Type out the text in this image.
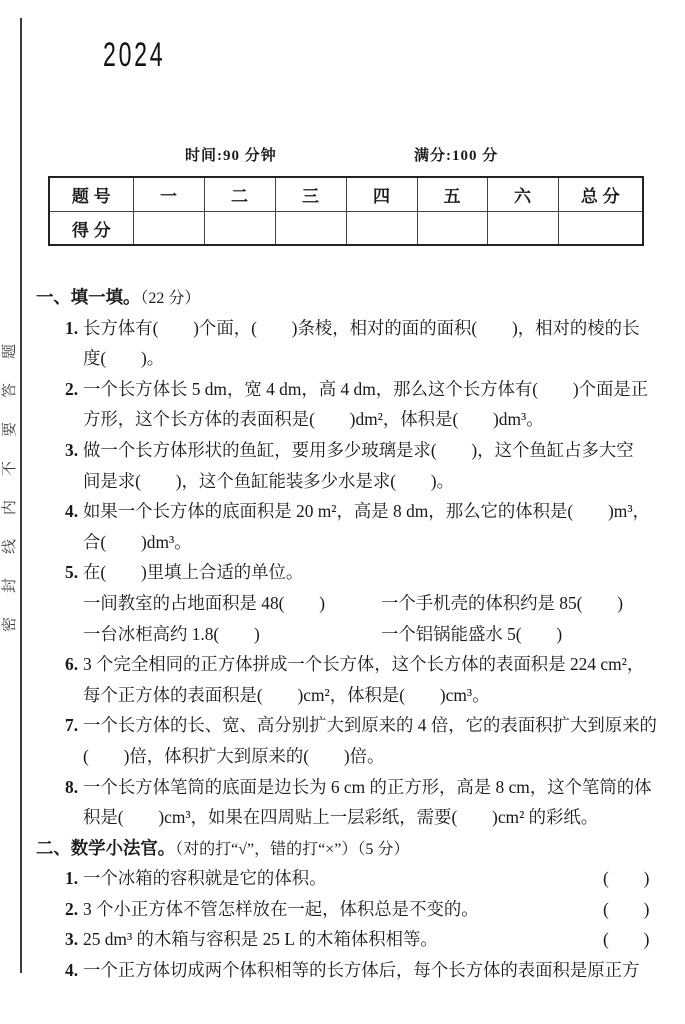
密封线内不要答题
2024
时间:90 分钟	满分:100 分
题 号	一	二	三	四	五	六	总 分
得 分							
一、填一填。（22 分）
1. 长方体有(        )个面，(        )条棱，相对的面的面积(        )，相对的棱的长
度(        )。
2. 一个长方体长 5 dm，宽 4 dm，高 4 dm，那么这个长方体有(        )个面是正
方形，这个长方体的表面积是(        )dm²，体积是(        )dm³。
3. 做一个长方体形状的鱼缸，要用多少玻璃是求(        )，这个鱼缸占多大空
间是求(        )，这个鱼缸能装多少水是求(        )。
4. 如果一个长方体的底面积是 20 m²，高是 8 dm，那么它的体积是(        )m³，
合(        )dm³。
5. 在(        )里填上合适的单位。
一间教室的占地面积是 48(        )	一个手机壳的体积约是 85(        )
一台冰柜高约 1.8(        )	一个铝锅能盛水 5(        )
6. 3 个完全相同的正方体拼成一个长方体，这个长方体的表面积是 224 cm²，
每个正方体的表面积是(        )cm²，体积是(        )cm³。
7. 一个长方体的长、宽、高分别扩大到原来的 4 倍，它的表面积扩大到原来的
(        )倍，体积扩大到原来的(        )倍。
8. 一个长方体笔筒的底面是边长为 6 cm 的正方形，高是 8 cm，这个笔筒的体
积是(        )cm³，如果在四周贴上一层彩纸，需要(        )cm² 的彩纸。
二、数学小法官。（对的打“√”，错的打“×”）（5 分）
1. 一个冰箱的容积就是它的体积。	(        )
2. 3 个小正方体不管怎样放在一起，体积总是不变的。	(        )
3. 25 dm³ 的木箱与容积是 25 L 的木箱体积相等。	(        )
4. 一个正方体切成两个体积相等的长方体后，每个长方体的表面积是原正方
